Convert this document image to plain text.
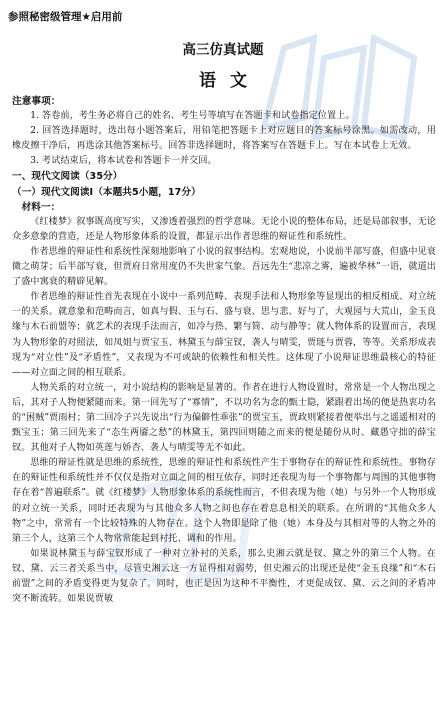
参照秘密级管理★启用前
高三仿真试题
语文

注意事项：

1. 答卷前，考生务必将自己的姓名、考生号等填写在答题卡和试卷指定位置上。

2. 回答选择题时，选出每小题答案后，用铅笔把答题卡上对应题目的答案标号涂黑。如需改动，用橡皮擦干净后，再选涂其他答案标号。回答非选择题时，将答案写在答题卡上。写在本试卷上无效。

3. 考试结束后，将本试卷和答题卡一并交回。

一、现代文阅读（35分）

（一）现代文阅读Ⅰ（本题共5小题，17分）

材料一：

《红楼梦》叙事既高度写实，又渗透着强烈的哲学意味。无论小说的整体布局，还是局部叙事，无论众多意象的营造，还是人物形象体系的设置，都显示出作者思维的辩证性和系统性。

作者思维的辩证性和系统性深刻地影响了小说的叙事结构。宏观地说，小说前半部写盛，但盛中见衰微之萌芽；后半部写衰，但贾府日常用度仍不失世家气象。吾远先生“悲凉之雾，遍被华林”一语，就道出了盛中寓衰的精辟见解。

作者思维的辩证性首先表现在小说中一系列范畴、表现手法和人物形象等显现出的相反相成、对立统一的关系。就意象和范畴而言，如真与假、玉与石、盛与衰、思与悲、好与了，大观园与大荒山，金玉良缘与木石前盟等；就艺术的表现手法而言，如冷与热、繁与简、动与静等；就人物体系的设置而言，表现为人物形象的对照法，如凤姐与贾宝玉、林黛玉与薛宝钗，袭人与晴雯，贾琏与贾蓉，等等。关系形成表现为“对立性”及“矛盾性”，又表现为不可或缺的依赖性和相关性。这体现了小说辩证思维最核心的特征——对立面之间的相互联系。

人物关系的对立统一，对小说结构的影响是显著的。作者在进行人物设置时，常常是一个人物出现之后，其对子人物便紧随而来。第一回先写了“寡情”，不以功名为念的甄士隐，紧跟着出场的便是热衷功名的“困贼”贾雨村；第二回冷子兴先说出“行为偏僻性乖张”的贾宝玉，贾政则紧接着便举出与之遥遥相对的甄宝玉；第三回先来了“态生两靥之愁”的林黛玉，第四回则随之而来的便是随份从时、藏愚守拙的薛宝钗。其他对子人物如英莲与娇杏、袭人与晴雯等无不如此。

思维的辩证性就是思维的系统性，思维的辩证性和系统性产生于事物存在的辩证性和系统性。事物存在的辩证性和系统性并不仅仅是指对立面之间的相互依存，同时还表现为每一个事物都与周围的其他事物存在着“普遍联系”。就《红楼梦》人物形象体系的系统性而言，不但表现为他（她）与另外一个人物形成的对立统一关系，同时还表现为与其他众多人物之间也存在着息息相关的联系。在所谓的“其他众多人物”之中，常常有一个比较特殊的人物存在。这个人物即是除了他（她）本身及与其相对等的人物之外的第三个人，这第三个人物常常能起到衬托、调和的作用。

如果说林黛玉与薛宝钗形成了一种对立补衬的关系，那么史湘云就是钗、黛之外的第三个人物。在钗、黛、云三者关系当中，尽管史湘云这一方显得相对弱势，但史湘云的出现还是使“金玉良缘”和“木石前盟”之间的矛盾变得更为复杂了。同时，也正是因为这种不平衡性，才更促成钗、黛、云之间的矛盾冲突不断流转。如果说贾敏
